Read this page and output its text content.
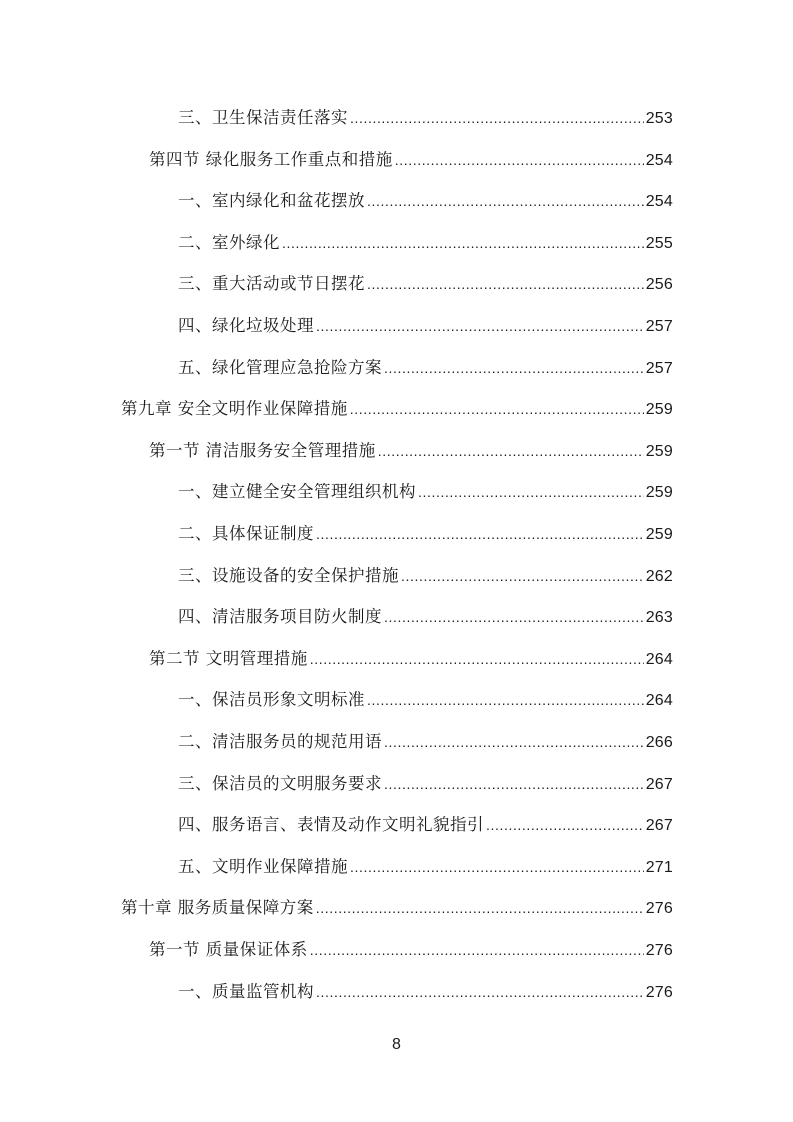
三、卫生保洁责任落实 .....	253
第四节 绿化服务工作重点和措施 .....	254
一、室内绿化和盆花摆放 .....	254
二、室外绿化 .....	255
三、重大活动或节日摆花 .....	256
四、绿化垃圾处理 .....	257
五、绿化管理应急抢险方案 .....	257
第九章 安全文明作业保障措施 .....	259
第一节 清洁服务安全管理措施 .....	259
一、建立健全安全管理组织机构 .....	259
二、具体保证制度 .....	259
三、设施设备的安全保护措施 .....	262
四、清洁服务项目防火制度 .....	263
第二节 文明管理措施 .....	264
一、保洁员形象文明标准 .....	264
二、清洁服务员的规范用语 .....	266
三、保洁员的文明服务要求 .....	267
四、服务语言、表情及动作文明礼貌指引 .....	267
五、文明作业保障措施 .....	271
第十章 服务质量保障方案 .....	276
第一节 质量保证体系 .....	276
一、质量监管机构 .....	276
8
